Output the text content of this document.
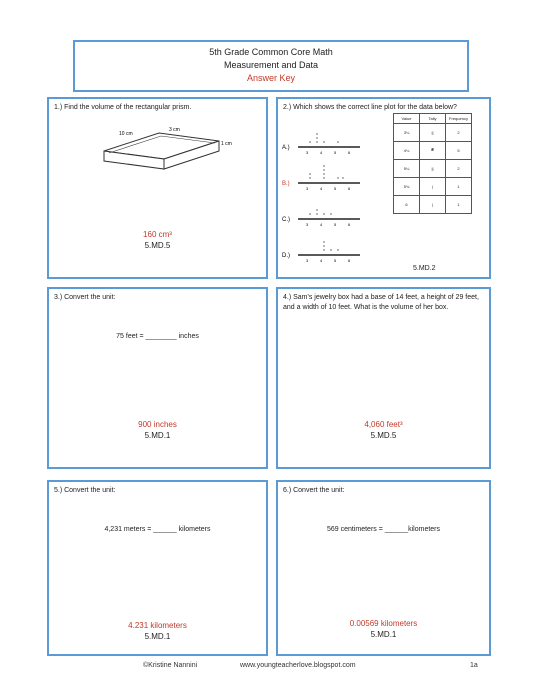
5th Grade Common Core Math
Measurement and Data
Answer Key
1.) Find the volume of the rectangular prism.
3 cm
10 cm
1 cm
160 cm³
5.MD.5
2.) Which shows the correct line plot for the data below?
A.)
3	4	5	6
x x
x
x
x	x
B.)
3	4	5	6
x
x
x
x
x
x
x x
C.)
3	4	5	6
x x
x
x x
D.)
3	4	5	6
x
x
x
x x
Value	Tally	Frequency
3¼	||	2
4¼	𝍸	5
5¼	||	2
5¾	|	1
6	|	1
5.MD.2
3.) Convert the unit:
75 feet = ________ inches
900 inches
5.MD.1
4.) Sam's jewelry box had a base of 14 feet, a height of 29 feet, and a width of 10 feet. What is the volume of her box.
4,060 feet³
5.MD.5
5.) Convert the unit:
4,231 meters = ______ kilometers
4.231 kilometers
5.MD.1
6.) Convert the unit:
569 centimeters = ______kilometers
0.00569 kilometers
5.MD.1
©Kristine Nannini	www.youngteacherlove.blogspot.com	1a
